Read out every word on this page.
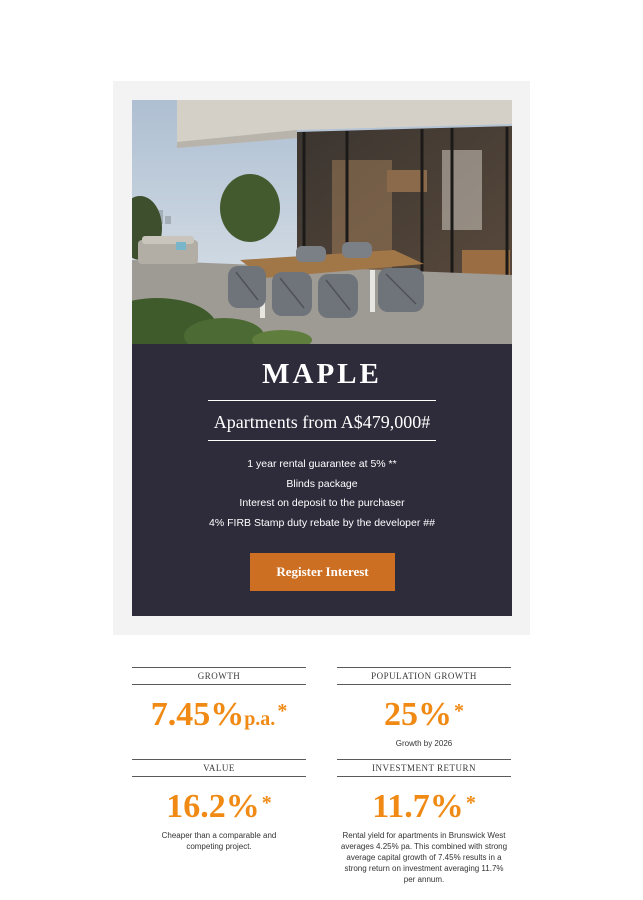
MAPLE
Apartments from A$479,000#
1 year rental guarantee at 5% **
Blinds package
Interest on deposit to the purchaser
4% FIRB Stamp duty rebate by the developer ##
Register Interest
GROWTH
7.45%p.a. *
POPULATION GROWTH
25% *
Growth by 2026
VALUE
16.2% *
Cheaper than a comparable and competing project.
INVESTMENT RETURN
11.7% *
Rental yield for apartments in Brunswick West averages 4.25% pa. This combined with strong average capital growth of 7.45% results in a strong return on investment averaging 11.7% per annum.
